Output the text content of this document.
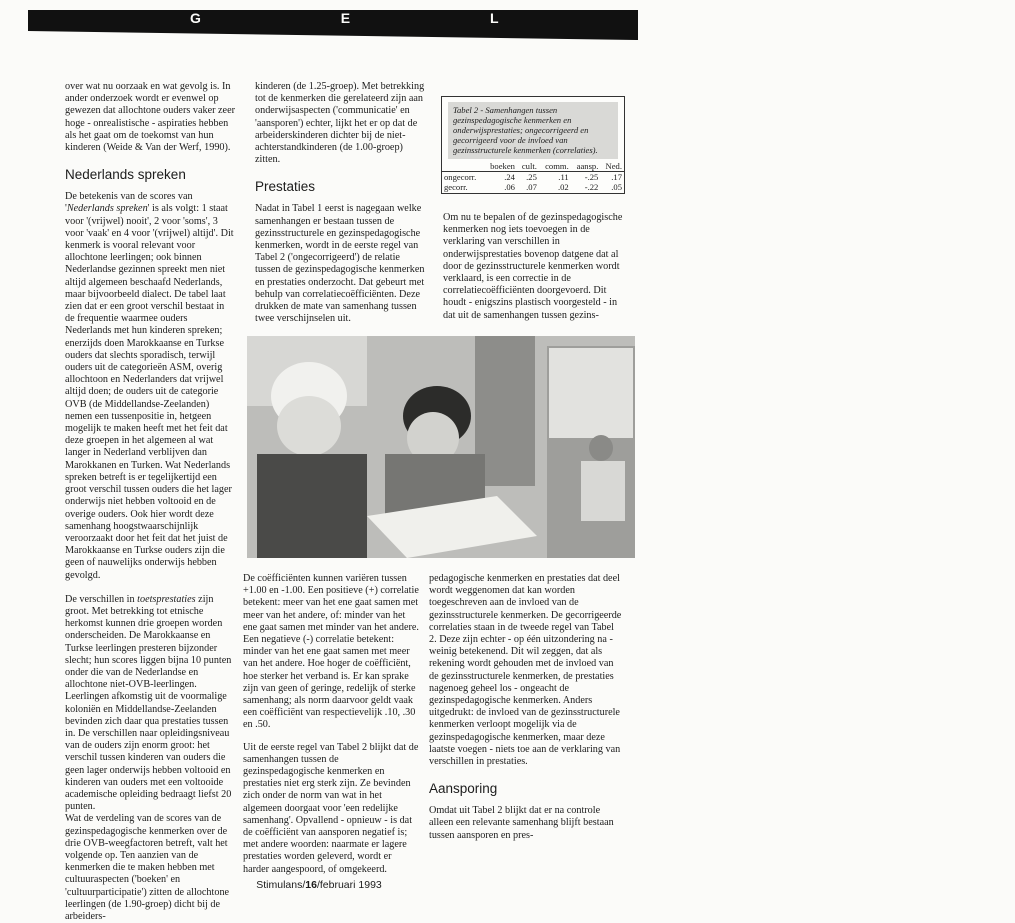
G E L A N S

over wat nu oorzaak en wat gevolg is. In ander onderzoek wordt er evenwel op gewezen dat allochtone ouders vaker zeer hoge - onrealistische - aspiraties hebben als het gaat om de toekomst van hun kinderen (Weide & Van der Werf, 1990).

Nederlands spreken

De betekenis van de scores van 'Nederlands spreken' is als volgt: 1 staat voor '(vrijwel) nooit', 2 voor 'soms', 3 voor 'vaak' en 4 voor '(vrijwel) altijd'. Dit kenmerk is vooral relevant voor allochtone leerlingen; ook binnen Nederlandse gezinnen spreekt men niet altijd algemeen beschaafd Nederlands, maar bijvoorbeeld dialect. De tabel laat zien dat er een groot verschil bestaat in de frequentie waarmee ouders Nederlands met hun kinderen spreken; enerzijds doen Marokkaanse en Turkse ouders dat slechts sporadisch, terwijl ouders uit de categorieën ASM, overig allochtoon en Nederlanders dat vrijwel altijd doen; de ouders uit de categorie OVB (de Middellandse-Zeelanden) nemen een tussenpositie in, hetgeen mogelijk te maken heeft met het feit dat deze groepen in het algemeen al wat langer in Nederland verblijven dan Marokkanen en Turken. Wat Nederlands spreken betreft is er tegelijkertijd een groot verschil tussen ouders die het lager onderwijs niet hebben voltooid en de overige ouders. Ook hier wordt deze samenhang hoogstwaarschijnlijk veroorzaakt door het feit dat het juist de Marokkaanse en Turkse ouders zijn die geen of nauwelijks onderwijs hebben gevolgd.

De verschillen in toetsprestaties zijn groot. Met betrekking tot etnische herkomst kunnen drie groepen worden onderscheiden. De Marokkaanse en Turkse leerlingen presteren bijzonder slecht; hun scores liggen bijna 10 punten onder die van de Nederlandse en allochtone niet-OVB-leerlingen. Leerlingen afkomstig uit de voormalige koloniën en Middellandse-Zeelanden bevinden zich daar qua prestaties tussen in. De verschillen naar opleidingsniveau van de ouders zijn enorm groot: het verschil tussen kinderen van ouders die geen lager onderwijs hebben voltooid en kinderen van ouders met een voltooide academische opleiding bedraagt liefst 20 punten.

Wat de verdeling van de scores van de gezinspedagogische kenmerken over de drie OVB-weegfactoren betreft, valt het volgende op. Ten aanzien van de kenmerken die te maken hebben met cultuuraspecten ('boeken' en 'cultuurparticipatie') zitten de allochtone leerlingen (de 1.90-groep) dicht bij de arbeiders-

kinderen (de 1.25-groep). Met betrekking tot de kenmerken die gerelateerd zijn aan onderwijsaspecten ('communicatie' en 'aansporen') echter, lijkt het er op dat de arbeiderskinderen dichter bij de niet-achterstandkinderen (de 1.00-groep) zitten.

Prestaties

Nadat in Tabel 1 eerst is nagegaan welke samenhangen er bestaan tussen de gezinsstructurele en gezinspedagogische kenmerken, wordt in de eerste regel van Tabel 2 ('ongecorrigeerd') de relatie tussen de gezinspedagogische kenmerken en prestaties onderzocht. Dat gebeurt met behulp van correlatiecoëfficiënten. Deze drukken de mate van samenhang tussen twee verschijnselen uit.

Tabel 2 - Samenhangen tussen gezinspedagogische kenmerken en onderwijsprestaties; ongecorrigeerd en gecorrigeerd voor de invloed van gezinsstructurele kenmerken (correlaties).
	boeken	cult.	comm.	aansp.	Ned.
ongecorr.	.24	.25	.11	-.25	.17
gecorr.	.06	.07	.02	-.22	.05

Om nu te bepalen of de gezinspedagogische kenmerken nog iets toevoegen in de verklaring van verschillen in onderwijsprestaties bovenop datgene dat al door de gezinsstructurele kenmerken wordt verklaard, is een correctie in de correlatiecoëfficiënten doorgevoerd. Dit houdt - enigszins plastisch voorgesteld - in dat uit de samenhangen tussen gezins-

De coëfficiënten kunnen variëren tussen +1.00 en -1.00. Een positieve (+) correlatie betekent: meer van het ene gaat samen met meer van het andere, of: minder van het ene gaat samen met minder van het andere. Een negatieve (-) correlatie betekent: minder van het ene gaat samen met meer van het andere. Hoe hoger de coëfficiënt, hoe sterker het verband is. Er kan sprake zijn van geen of geringe, redelijk of sterke samenhang; als norm daarvoor geldt vaak een coëfficiënt van respectievelijk .10, .30 en .50.

Uit de eerste regel van Tabel 2 blijkt dat de samenhangen tussen de gezinspedagogische kenmerken en prestaties niet erg sterk zijn. Ze bevinden zich onder de norm van wat in het algemeen doorgaat voor 'een redelijke samenhang'. Opvallend - opnieuw - is dat de coëfficiënt van aansporen negatief is; met andere woorden: naarmate er lagere prestaties worden geleverd, wordt er harder aangespoord, of omgekeerd.

pedagogische kenmerken en prestaties dat deel wordt weggenomen dat kan worden toegeschreven aan de invloed van de gezinsstructurele kenmerken. De gecorrigeerde correlaties staan in de tweede regel van Tabel 2. Deze zijn echter - op één uitzondering na - weinig betekenend. Dit wil zeggen, dat als rekening wordt gehouden met de invloed van de gezinsstructurele kenmerken, de prestaties nagenoeg geheel los - ongeacht de gezinspedagogische kenmerken. Anders uitgedrukt: de invloed van de gezinsstructurele kenmerken verloopt mogelijk via de gezinspedagogische kenmerken, maar deze laatste voegen - niets toe aan de verklaring van verschillen in prestaties.

Aansporing

Omdat uit Tabel 2 blijkt dat er na controle alleen een relevante samenhang blijft bestaan tussen aansporen en pres-

Stimulans/16/februari 1993
